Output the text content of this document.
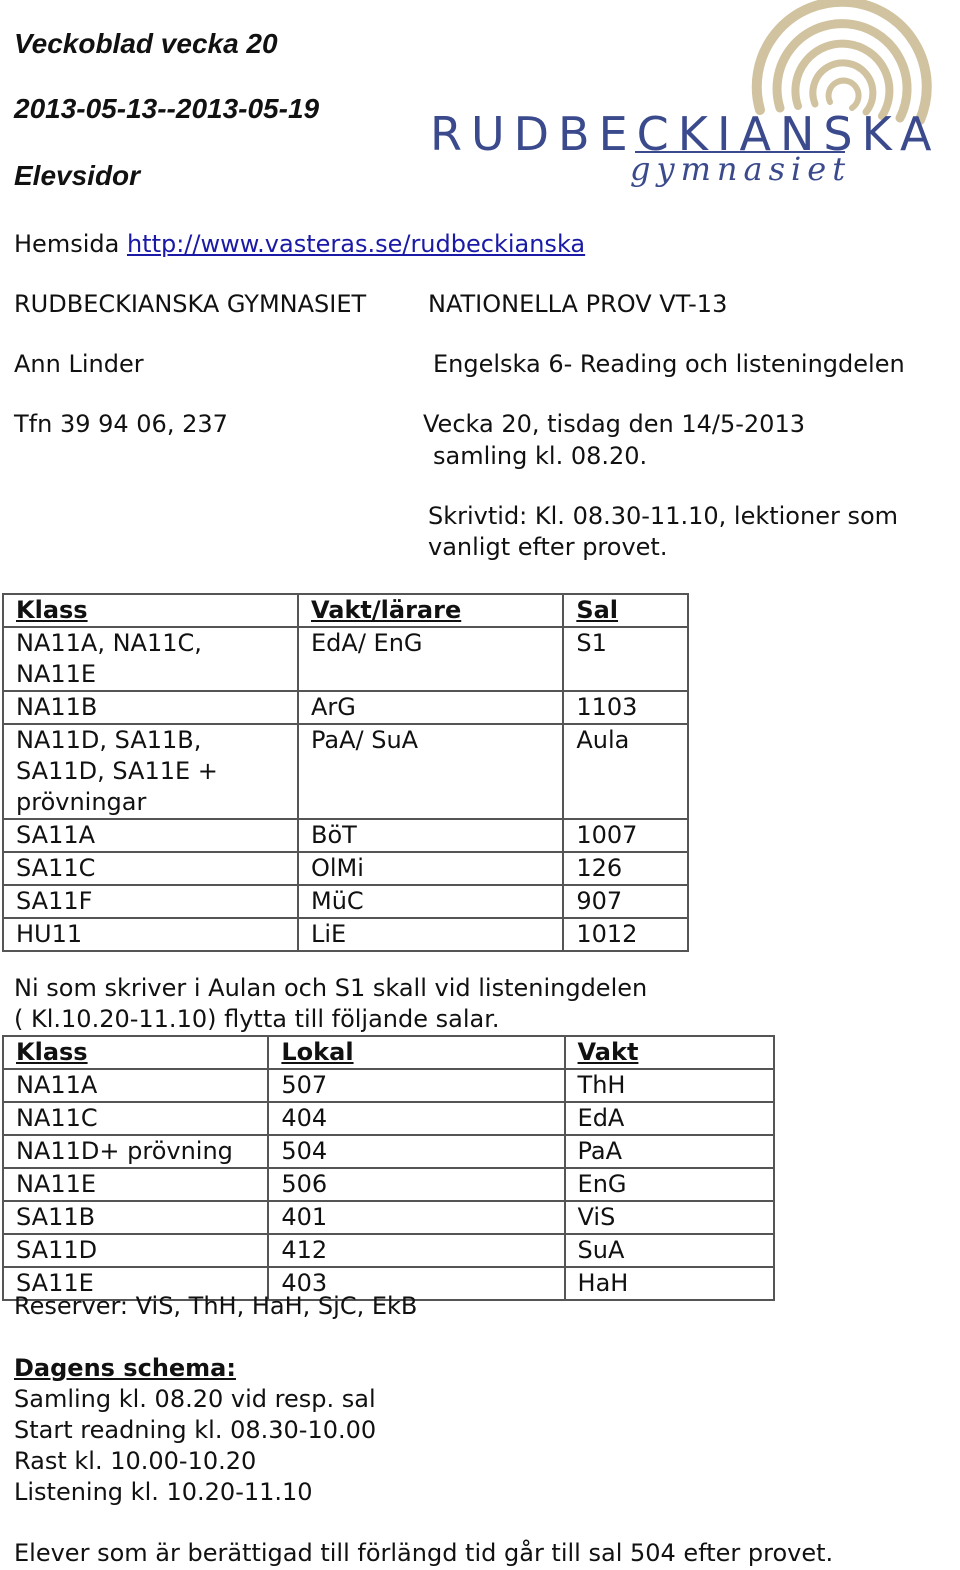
Veckoblad vecka 20
2013-05-13--2013-05-19
Elevsidor
RUDBECKIANSKA
gymnasiet
Hemsida http://www.vasteras.se/rudbeckianska
RUDBECKIANSKA GYMNASIET	NATIONELLA PROV VT-13
Ann Linder	Engelska 6- Reading och listeningdelen
Tfn 39 94 06, 237	Vecka 20, tisdag den 14/5-2013
samling kl. 08.20.
Skrivtid: Kl. 08.30-11.10, lektioner som
vanligt efter provet.
Klass	Vakt/lärare	Sal
NA11A, NA11C,
NA11E	EdA/ EnG	S1
NA11B	ArG	1103
NA11D, SA11B,
SA11D, SA11E +
prövningar	PaA/ SuA	Aula
SA11A	BöT	1007
SA11C	OlMi	126
SA11F	MüC	907
HU11	LiE	1012
Ni som skriver i Aulan och S1 skall vid listeningdelen
( Kl.10.20-11.10) flytta till följande salar.
Klass	Lokal	Vakt
NA11A	507	ThH
NA11C	404	EdA
NA11D+ prövning	504	PaA
NA11E	506	EnG
SA11B	401	ViS
SA11D	412	SuA
SA11E	403	HaH
Reserver: ViS, ThH, HaH, SjC, EkB
Dagens schema:
Samling kl. 08.20 vid resp. sal
Start readning kl. 08.30-10.00
Rast kl. 10.00-10.20
Listening kl. 10.20-11.10
Elever som är berättigad till förlängd tid går till sal 504 efter provet.
